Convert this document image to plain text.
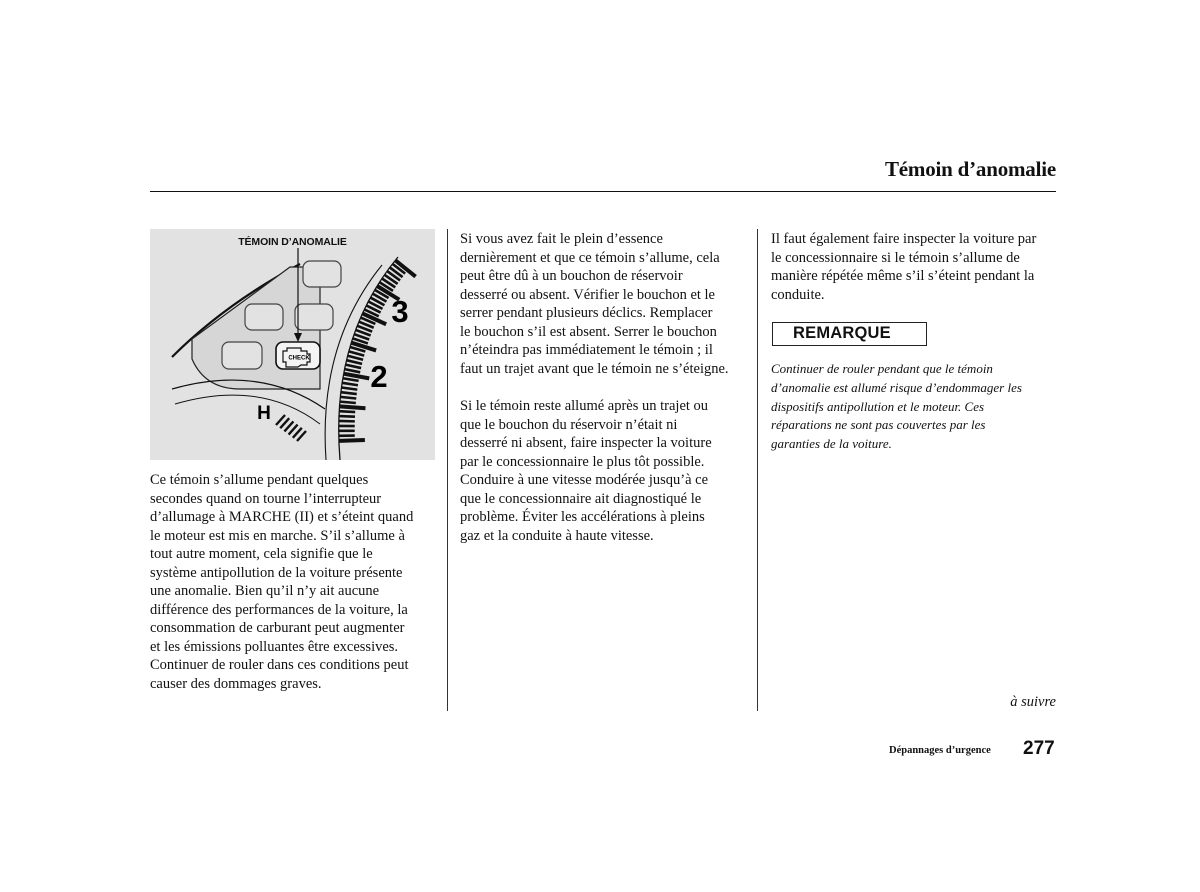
Témoin d’anomalie
TÉMOIN D’ANOMALIE
CHECK
3
2
H

Ce témoin s’allume pendant quelques
secondes quand on tourne l’interrupteur
d’allumage à MARCHE (II) et s’éteint quand
le moteur est mis en marche. S’il s’allume à
tout autre moment, cela signifie que le
système antipollution de la voiture présente
une anomalie. Bien qu’il n’y ait aucune
différence des performances de la voiture, la
consommation de carburant peut augmenter
et les émissions polluantes être excessives.
Continuer de rouler dans ces conditions peut
causer des dommages graves.

Si vous avez fait le plein d’essence
dernièrement et que ce témoin s’allume, cela
peut être dû à un bouchon de réservoir
desserré ou absent. Vérifier le bouchon et le
serrer pendant plusieurs déclics. Remplacer
le bouchon s’il est absent. Serrer le bouchon
n’éteindra pas immédiatement le témoin ; il
faut un trajet avant que le témoin ne s’éteigne.

Si le témoin reste allumé après un trajet ou
que le bouchon du réservoir n’était ni
desserré ni absent, faire inspecter la voiture
par le concessionnaire le plus tôt possible.
Conduire à une vitesse modérée jusqu’à ce
que le concessionnaire ait diagnostiqué le
problème. Éviter les accélérations à pleins
gaz et la conduite à haute vitesse.

Il faut également faire inspecter la voiture par
le concessionnaire si le témoin s’allume de
manière répétée même s’il s’éteint pendant la
conduite.

REMARQUE

Continuer de rouler pendant que le témoin
d’anomalie est allumé risque d’endommager les
dispositifs antipollution et le moteur. Ces
réparations ne sont pas couvertes par les
garanties de la voiture.

à suivre
Dépannages d’urgence 277
